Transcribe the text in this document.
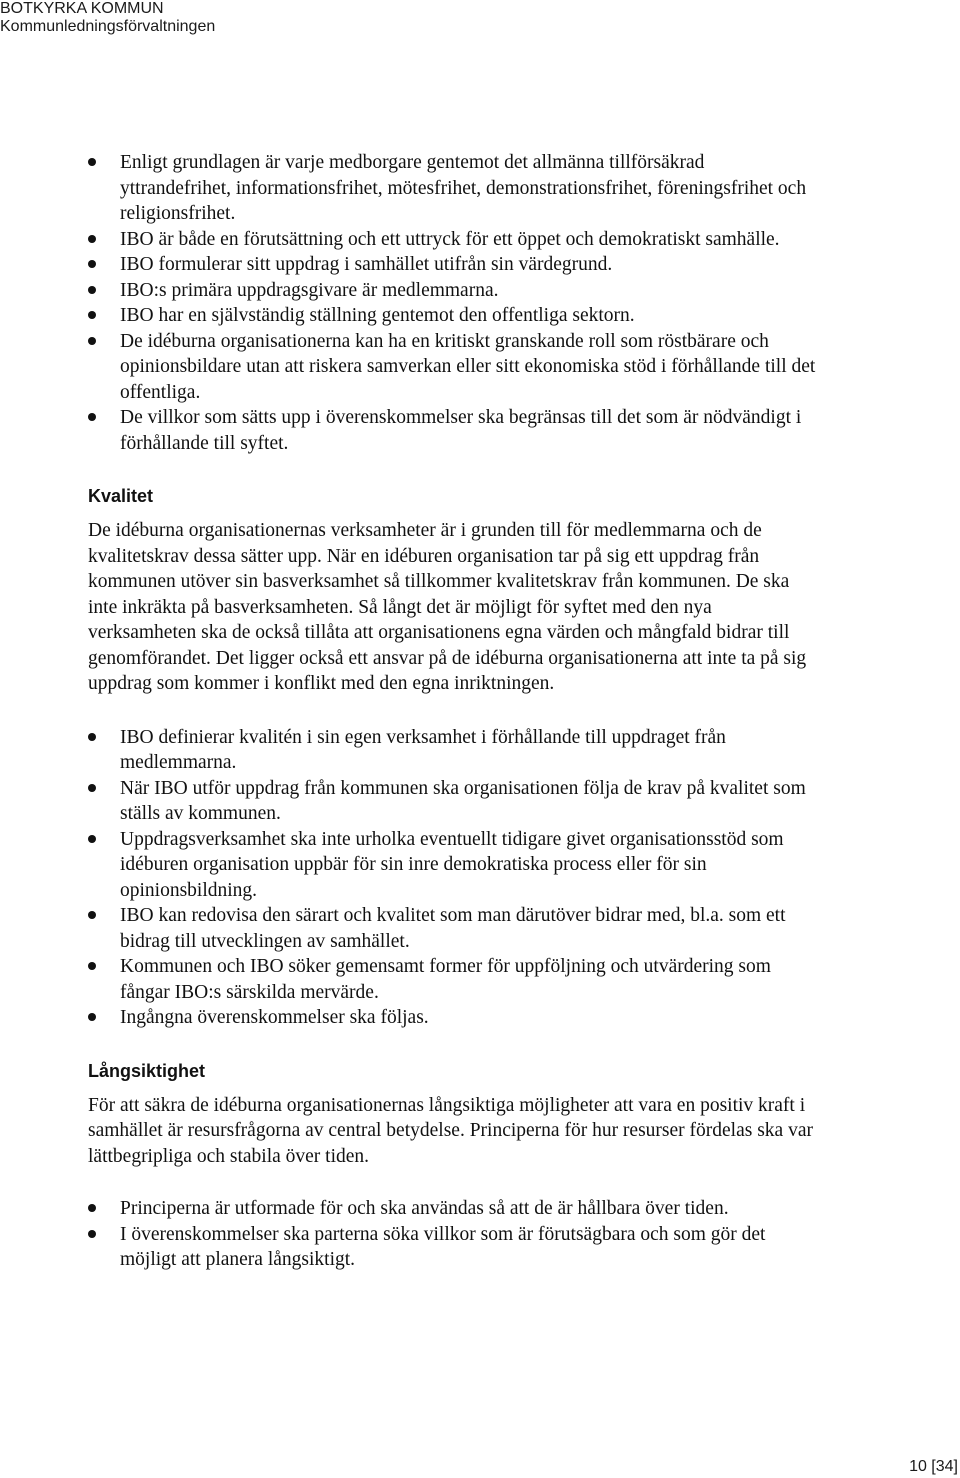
BOTKYRKA KOMMUN
Kommunledningsförvaltningen
Enligt grundlagen är varje medborgare gentemot det allmänna tillförsäkrad yttrandefrihet, informationsfrihet, mötesfrihet, demonstrationsfrihet, föreningsfrihet och religionsfrihet.
IBO är både en förutsättning och ett uttryck för ett öppet och demokratiskt samhälle.
IBO formulerar sitt uppdrag i samhället utifrån sin värdegrund.
IBO:s primära uppdragsgivare är medlemmarna.
IBO har en självständig ställning gentemot den offentliga sektorn.
De idéburna organisationerna kan ha en kritiskt granskande roll som röstbärare och opinionsbildare utan att riskera samverkan eller sitt ekonomiska stöd i förhållande till det offentliga.
De villkor som sätts upp i överenskommelser ska begränsas till det som är nödvändigt i förhållande till syftet.
Kvalitet

De idéburna organisationernas verksamheter är i grunden till för medlemmarna och de kvalitetskrav dessa sätter upp. När en idéburen organisation tar på sig ett uppdrag från kommunen utöver sin basverksamhet så tillkommer kvalitetskrav från kommunen. De ska inte inkräkta på basverksamheten. Så långt det är möjligt för syftet med den nya verksamheten ska de också tillåta att organisationens egna värden och mångfald bidrar till genomförandet. Det ligger också ett ansvar på de idéburna organisationerna att inte ta på sig uppdrag som kommer i konflikt med den egna inriktningen.

IBO definierar kvalitén i sin egen verksamhet i förhållande till uppdraget från medlemmarna.
När IBO utför uppdrag från kommunen ska organisationen följa de krav på kvalitet som ställs av kommunen.
Uppdragsverksamhet ska inte urholka eventuellt tidigare givet organisationsstöd som idéburen organisation uppbär för sin inre demokratiska process eller för sin opinionsbildning.
IBO kan redovisa den särart och kvalitet som man därutöver bidrar med, bl.a. som ett bidrag till utvecklingen av samhället.
Kommunen och IBO söker gemensamt former för uppföljning och utvärdering som fångar IBO:s särskilda mervärde.
Ingångna överenskommelser ska följas.
Långsiktighet

För att säkra de idéburna organisationernas långsiktiga möjligheter att vara en positiv kraft i samhället är resursfrågorna av central betydelse. Principerna för hur resurser fördelas ska var lättbegripliga och stabila över tiden.

Principerna är utformade för och ska användas så att de är hållbara över tiden.
I överenskommelser ska parterna söka villkor som är förutsägbara och som gör det möjligt att planera långsiktigt.
10 [34]
